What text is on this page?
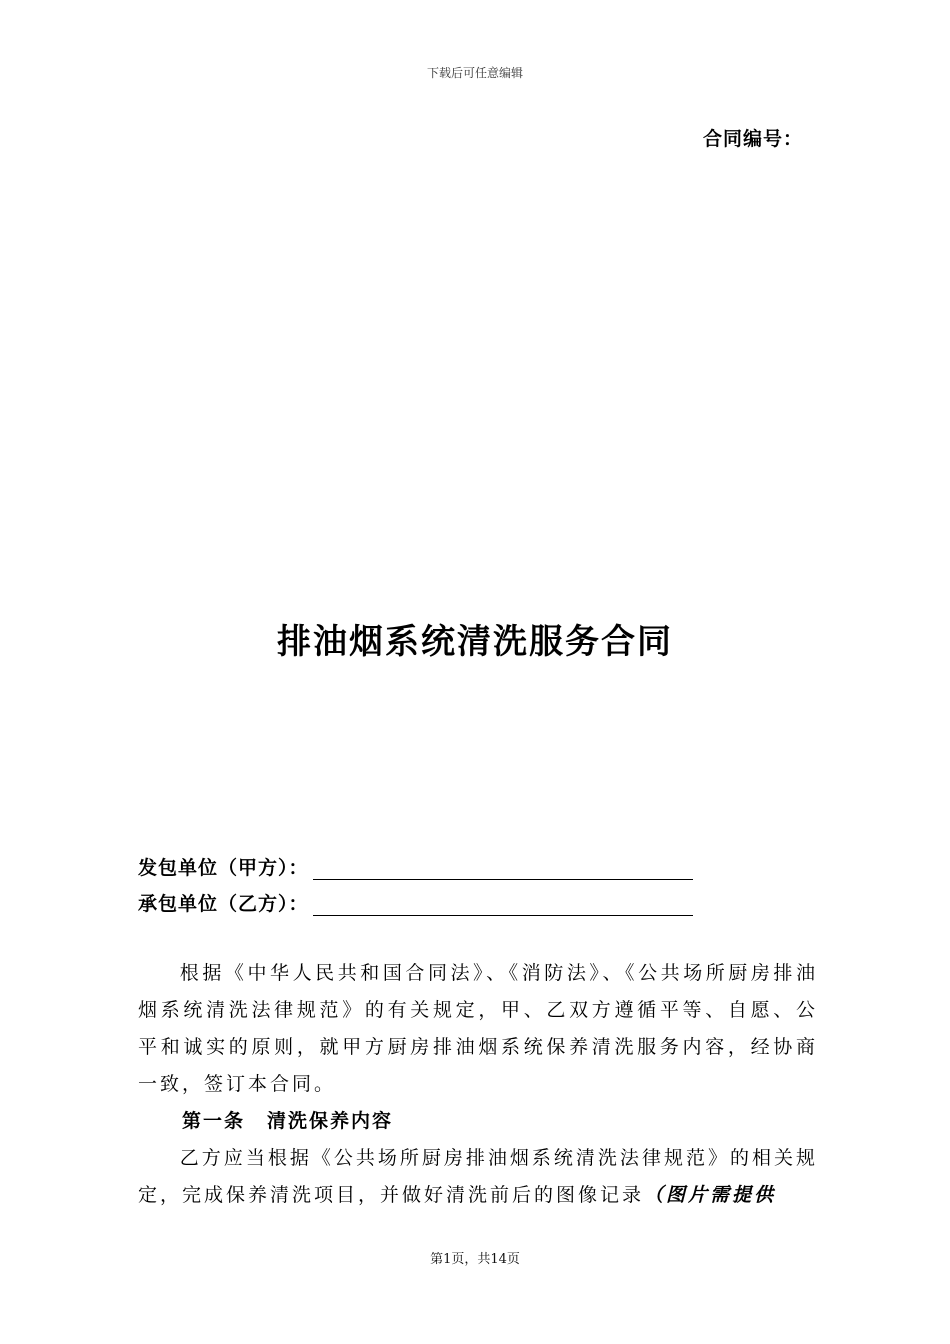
下载后可任意编辑
合同编号：
排油烟系统清洗服务合同
发包单位（甲方）：
承包单位（乙方）：

根据《中华人民共和国合同法》、《消防法》、《公共场所厨房排油烟系统清洗法律规范》的有关规定，甲、乙双方遵循平等、自愿、公平和诚实的原则，就甲方厨房排油烟系统保养清洗服务内容，经协商一致，签订本合同。

第一条 清洗保养内容

乙方应当根据《公共场所厨房排油烟系统清洗法律规范》的相关规定，完成保养清洗项目，并做好清洗前后的图像记录（图片需提供

第1页，共14页
